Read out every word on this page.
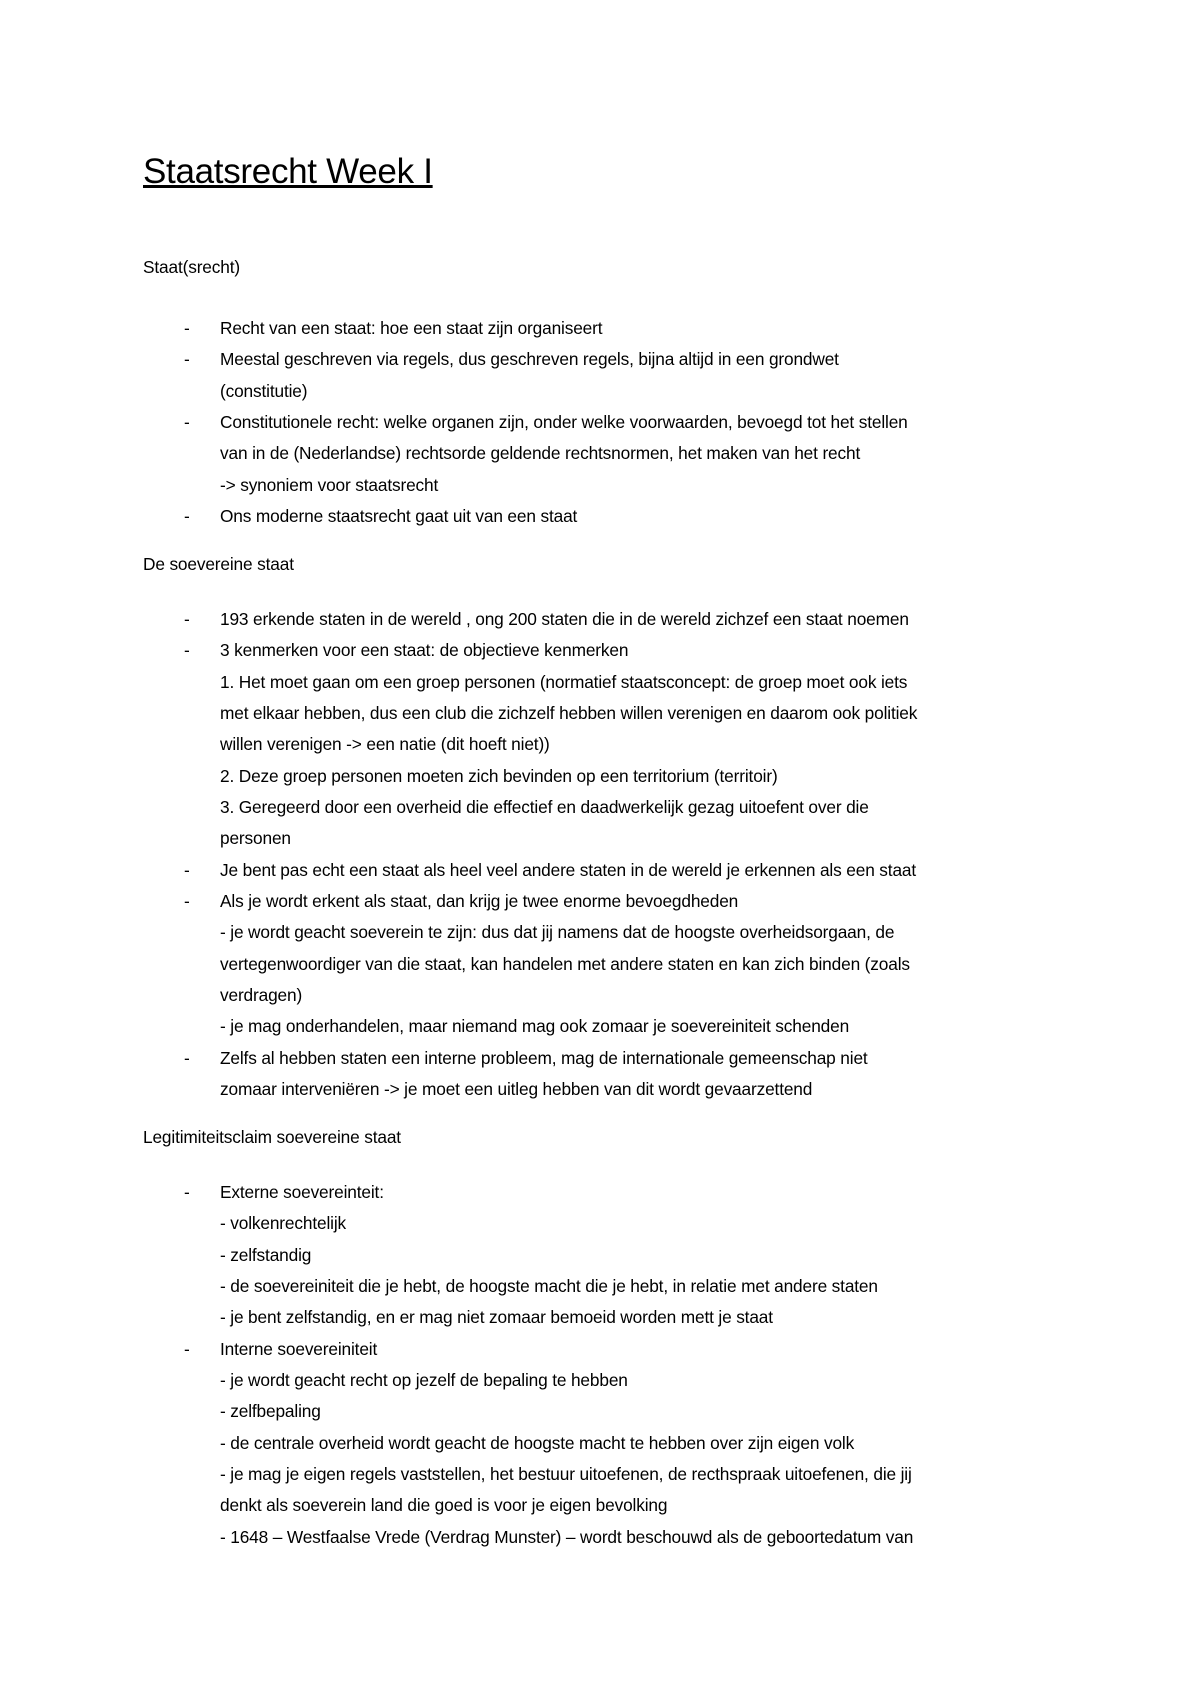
Staatsrecht Week I
Staat(srecht)
- Recht van een staat: hoe een staat zijn organiseert
- Meestal geschreven via regels, dus geschreven regels, bijna altijd in een grondwet
(constitutie)
- Constitutionele recht: welke organen zijn, onder welke voorwaarden, bevoegd tot het stellen
van in de (Nederlandse) rechtsorde geldende rechtsnormen, het maken van het recht
-> synoniem voor staatsrecht
- Ons moderne staatsrecht gaat uit van een staat
De soevereine staat
- 193 erkende staten in de wereld , ong 200 staten die in de wereld zichzef een staat noemen
- 3 kenmerken voor een staat: de objectieve kenmerken
1. Het moet gaan om een groep personen (normatief staatsconcept: de groep moet ook iets
met elkaar hebben, dus een club die zichzelf hebben willen verenigen en daarom ook politiek
willen verenigen -> een natie (dit hoeft niet))
2. Deze groep personen moeten zich bevinden op een territorium (territoir)
3. Geregeerd door een overheid die effectief en daadwerkelijk gezag uitoefent over die
personen
- Je bent pas echt een staat als heel veel andere staten in de wereld je erkennen als een staat
- Als je wordt erkent als staat, dan krijg je twee enorme bevoegdheden
- je wordt geacht soeverein te zijn: dus dat jij namens dat de hoogste overheidsorgaan, de
vertegenwoordiger van die staat, kan handelen met andere staten en kan zich binden (zoals
verdragen)
- je mag onderhandelen, maar niemand mag ook zomaar je soevereiniteit schenden
- Zelfs al hebben staten een interne probleem, mag de internationale gemeenschap niet
zomaar interveniëren -> je moet een uitleg hebben van dit wordt gevaarzettend
Legitimiteitsclaim soevereine staat
- Externe soevereinteit:
- volkenrechtelijk
- zelfstandig
- de soevereiniteit die je hebt, de hoogste macht die je hebt, in relatie met andere staten
- je bent zelfstandig, en er mag niet zomaar bemoeid worden mett je staat
- Interne soevereiniteit
- je wordt geacht recht op jezelf de bepaling te hebben
- zelfbepaling
- de centrale overheid wordt geacht de hoogste macht te hebben over zijn eigen volk
- je mag je eigen regels vaststellen, het bestuur uitoefenen, de recthspraak uitoefenen, die jij
denkt als soeverein land die goed is voor je eigen bevolking
- 1648 – Westfaalse Vrede (Verdrag Munster) – wordt beschouwd als de geboortedatum van
